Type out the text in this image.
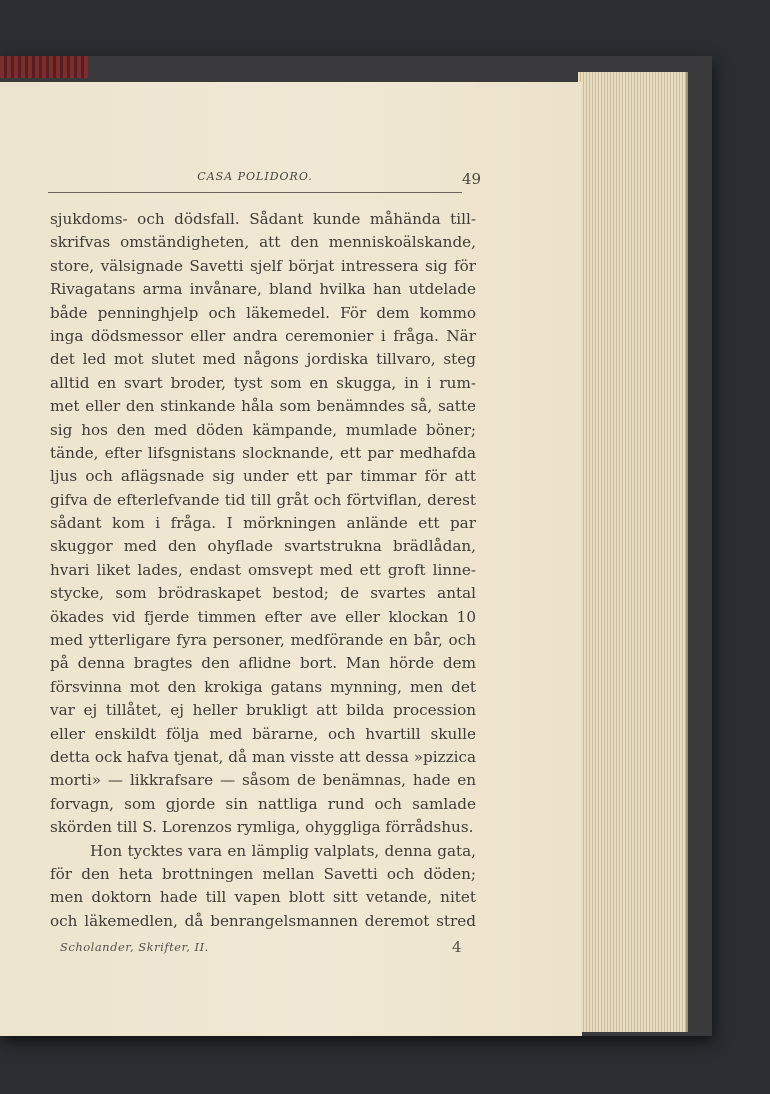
CASA POLIDORO.	49
sjukdoms- och dödsfall. Sådant kunde måhända till-
skrifvas omständigheten, att den menniskoälskande,
store, välsignade Savetti sjelf börjat intressera sig för
Rivagatans arma invånare, bland hvilka han utdelade
både penninghjelp och läkemedel. För dem kommo
inga dödsmessor eller andra ceremonier i fråga. När
det led mot slutet med någons jordiska tillvaro, steg
alltid en svart broder, tyst som en skugga, in i rum-
met eller den stinkande håla som benämndes så, satte
sig hos den med döden kämpande, mumlade böner;
tände, efter lifsgnistans slocknande, ett par medhafda
ljus och aflägsnade sig under ett par timmar för att
gifva de efterlefvande tid till gråt och förtviflan, derest
sådant kom i fråga. I mörkningen anlände ett par
skuggor med den ohyflade svartstrukna brädlådan,
hvari liket lades, endast omsvept med ett groft linne-
stycke, som brödraskapet bestod; de svartes antal
ökades vid fjerde timmen efter ave eller klockan 10
med ytterligare fyra personer, medförande en bår, och
på denna bragtes den aflidne bort. Man hörde dem
försvinna mot den krokiga gatans mynning, men det
var ej tillåtet, ej heller brukligt att bilda procession
eller enskildt följa med bärarne, och hvartill skulle
detta ock hafva tjenat, då man visste att dessa »pizzica
morti» — likkrafsare — såsom de benämnas, hade en
forvagn, som gjorde sin nattliga rund och samlade
skörden till S. Lorenzos rymliga, ohyggliga förrådshus.
Hon tycktes vara en lämplig valplats, denna gata,
för den heta brottningen mellan Savetti och döden;
men doktorn hade till vapen blott sitt vetande, nitet
och läkemedlen, då benrangelsmannen deremot stred
Scholander, Skrifter, II.	4
